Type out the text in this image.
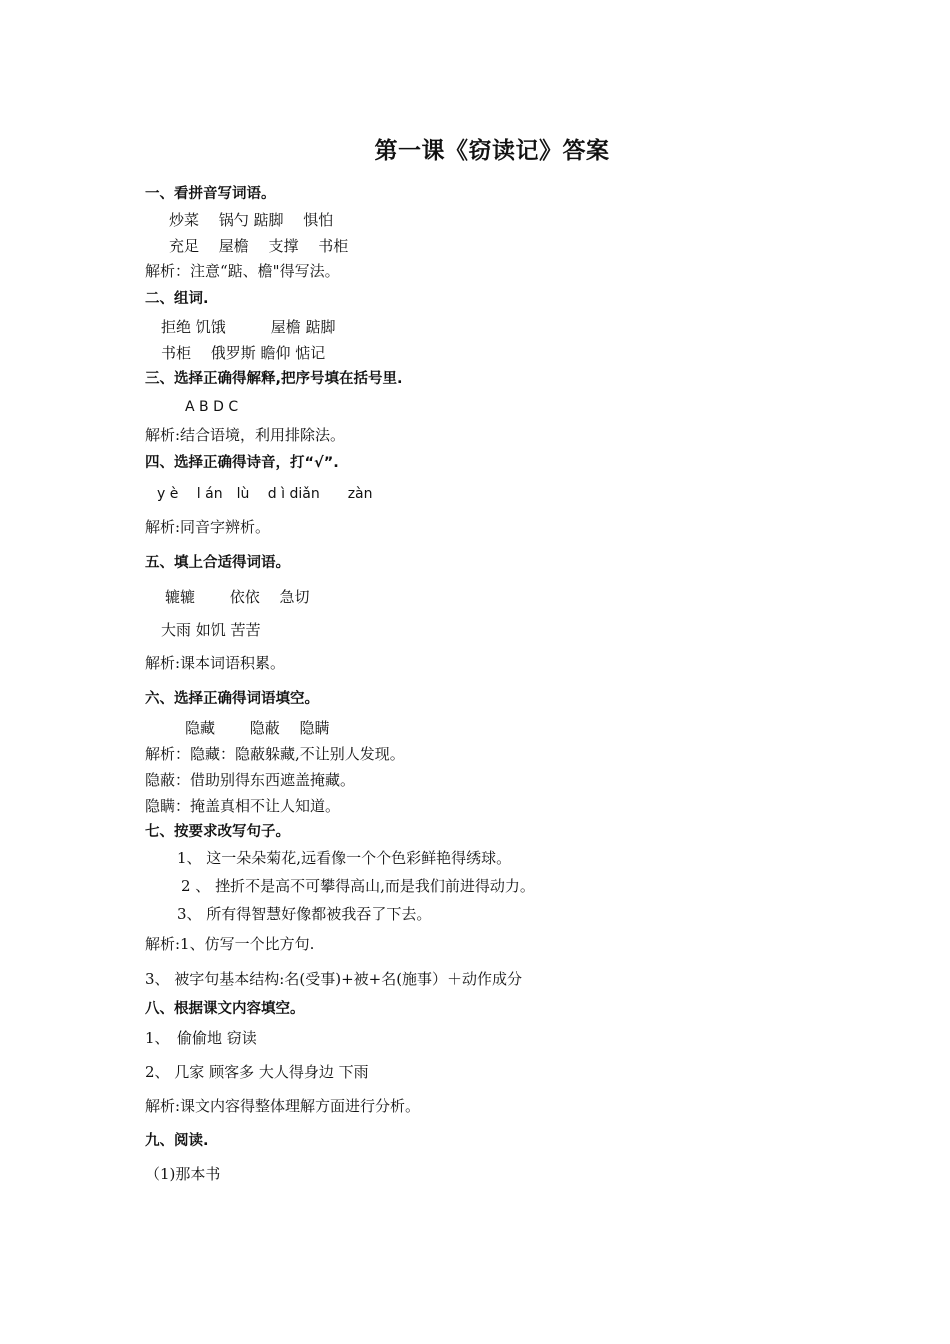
第一课《窃读记》答案
一、看拼音写词语。
炒菜　 锅勺 踮脚　 惧怕
充足　 屋檐　 支撑　 书柜
解析：注意“踮、檐"得写法。
二、组词.
拒绝 饥饿　　　屋檐 踮脚
书柜　 俄罗斯 瞻仰 惦记
三、选择正确得解释,把序号填在括号里.
A B D C
解析:结合语境，利用排除法。
四、选择正确得诗音，打“√”.
y è　 l án　lù　 d ì diǎn　　zàn
解析:同音字辨析。
五、填上合适得词语。
辘辘　　 依依　 急切
大雨 如饥 苦苦
解析:课本词语积累。
六、选择正确得词语填空。
隐藏　　 隐蔽　 隐瞒
解析：隐藏：隐蔽躲藏,不让别人发现。
隐蔽：借助别得东西遮盖掩藏。
隐瞒：掩盖真相不让人知道。
七、按要求改写句子。
1、 这一朵朵菊花,远看像一个个色彩鲜艳得绣球。
2 、 挫折不是高不可攀得高山,而是我们前进得动力。
3、 所有得智慧好像都被我吞了下去。
解析:1、仿写一个比方句.
3、 被字句基本结构:名(受事)+被+名(施事）＋动作成分
八、根据课文内容填空。
1、　偷偷地 窃读
2、 几家 顾客多 大人得身边 下雨
解析:课文内容得整体理解方面进行分析。
九、阅读.
（1)那本书
